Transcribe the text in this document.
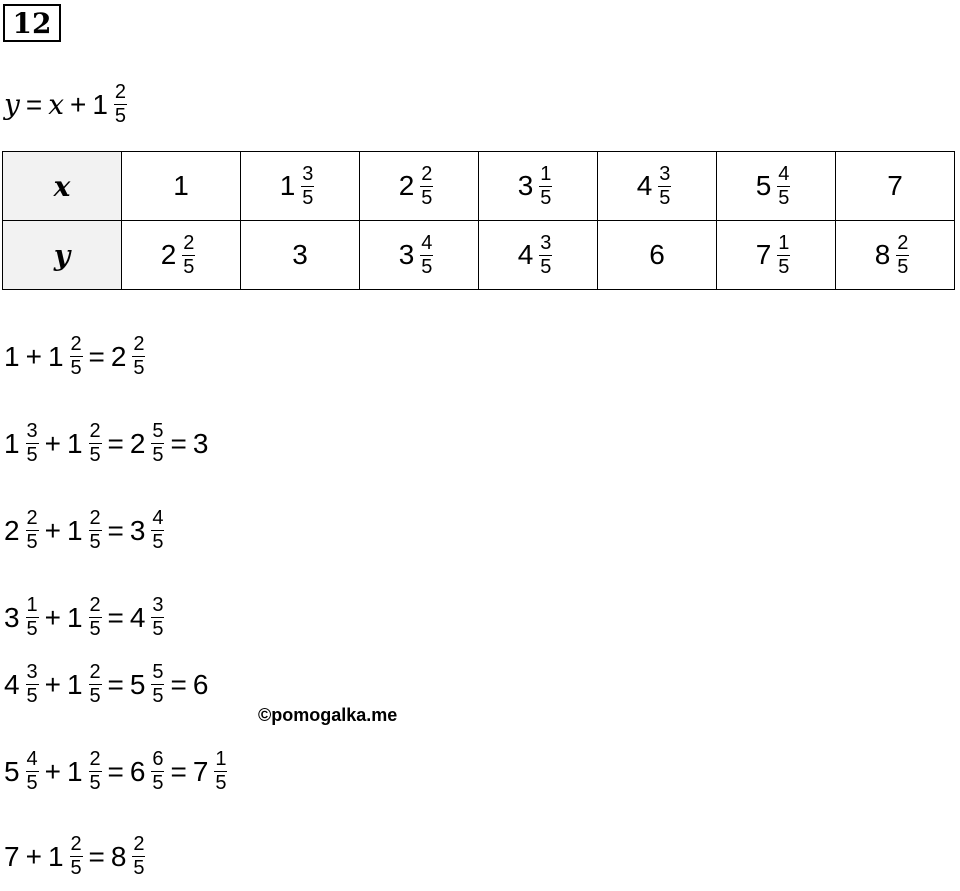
12
$y = x + 1 \frac{2}{5}$
x	1	$1 \frac{3}{5}$	$2 \frac{2}{5}$	$3 \frac{1}{5}$	$4 \frac{3}{5}$	$5 \frac{4}{5}$	7

y	$2 \frac{2}{5}$	3	$3 \frac{4}{5}$	$4 \frac{3}{5}$	6	$7 \frac{1}{5}$	$8 \frac{2}{5}$
$1 + 1 \frac{2}{5} = 2 \frac{2}{5}$
$1 \frac{3}{5} + 1 \frac{2}{5} = 2 \frac{5}{5} = 3$
$2 \frac{2}{5} + 1 \frac{2}{5} = 3 \frac{4}{5}$
$3 \frac{1}{5} + 1 \frac{2}{5} = 4 \frac{3}{5}$
$4 \frac{3}{5} + 1 \frac{2}{5} = 5 \frac{5}{5} = 6$
$5 \frac{4}{5} + 1 \frac{2}{5} = 6 \frac{6}{5} = 7 \frac{1}{5}$
$7 + 1 \frac{2}{5} = 8 \frac{2}{5}$
©pomogalka.me
